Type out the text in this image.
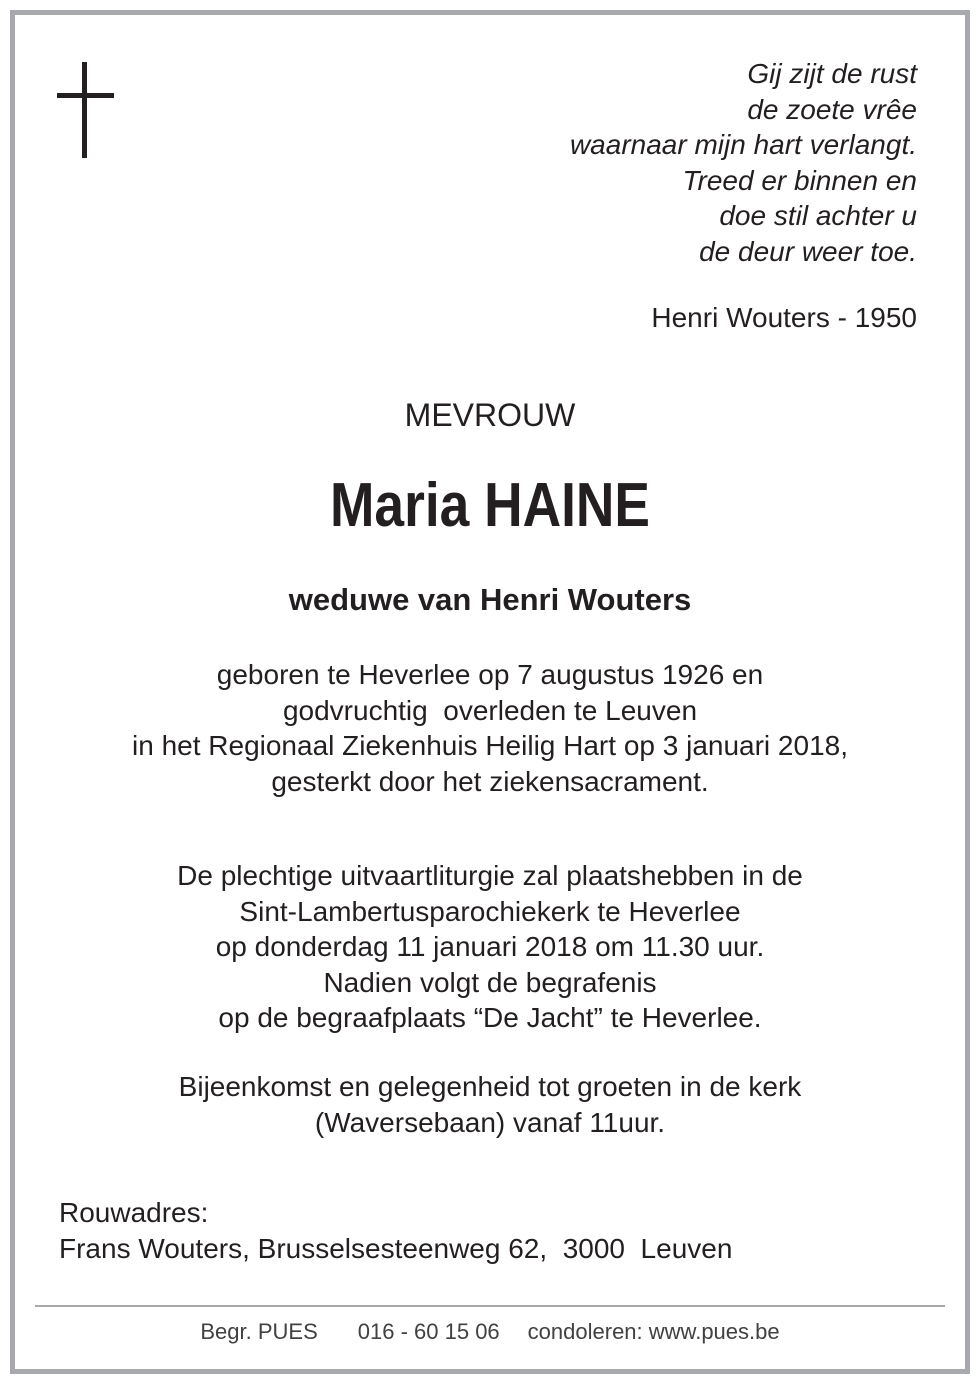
Gij zijt de rust
de zoete vrêe
waarnaar mijn hart verlangt.
Treed er binnen en
doe stil achter u
de deur weer toe.
Henri Wouters - 1950
MEVROUW
Maria HAINE
weduwe van Henri Wouters
geboren te Heverlee op 7 augustus 1926 en
godvruchtig  overleden te Leuven
in het Regionaal Ziekenhuis Heilig Hart op 3 januari 2018,
gesterkt door het ziekensacrament.
De plechtige uitvaartliturgie zal plaatshebben in de
Sint-Lambertusparochiekerk te Heverlee
op donderdag 11 januari 2018 om 11.30 uur.
Nadien volgt de begrafenis
op de begraafplaats “De Jacht” te Heverlee.
Bijeenkomst en gelegenheid tot groeten in de kerk
(Waversebaan) vanaf 11uur.
Rouwadres:
Frans Wouters, Brusselsesteenweg 62,  3000  Leuven
Begr. PUES 016 - 60 15 06 condoleren: www.pues.be
